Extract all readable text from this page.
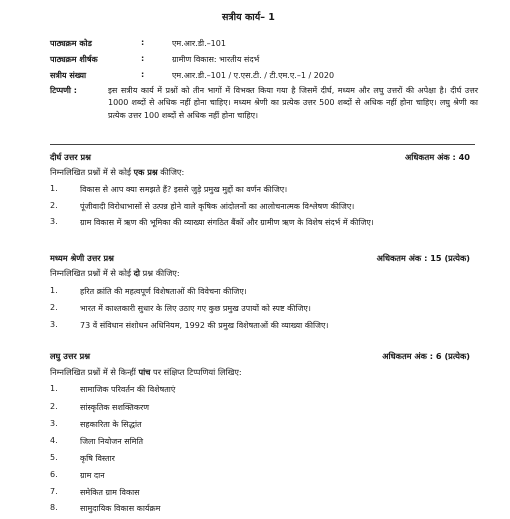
सत्रीय कार्य– 1
पाठ्यक्रम कोड	:	एम.आर.डी.–101
पाठ्यक्रम शीर्षक	:	ग्रामीण विकास: भारतीय संदर्भ
सत्रीय संख्या	:	एम.आर.डी.–101 / ए.एस.टी. / टी.एम.ए.–1 / 2020
टिप्पणी :	इस सत्रीय कार्य में प्रश्नों को तीन भागों में विभक्त किया गया है जिसमें दीर्घ, मध्यम और लघु उत्तरों की अपेक्षा है। दीर्घ उत्तर 1000 शब्दों से अधिक नहीं होना चाहिए। मध्यम श्रेणी का प्रत्येक उत्तर 500 शब्दों से अधिक नहीं होना चाहिए। लघु श्रेणी का प्रत्येक उत्तर 100 शब्दों से अधिक नहीं होना चाहिए।
दीर्घ उत्तर प्रश्न	अधिकतम अंक : 40
निम्नलिखित प्रश्नों में से कोई एक प्रश्न कीजिए:
1.	विकास से आप क्या समझते हैं? इससे जुड़े प्रमुख मुद्दों का वर्णन कीजिए।
2.	पूंजीवादी विरोधाभासों से उत्पन्न होने वाले कृषिक आंदोलनों का आलोचनात्मक विश्लेषण कीजिए।
3.	ग्राम विकास में ऋण की भूमिका की व्याख्या संगठित बैंकों और ग्रामीण ऋण के विशेष संदर्भ में कीजिए।
मध्यम श्रेणी उत्तर प्रश्न	अधिकतम अंक : 15 (प्रत्येक)
निम्नलिखित प्रश्नों में से कोई दो प्रश्न कीजिए:
1.	हरित क्रांति की महत्वपूर्ण विशेषताओं की विवेचना कीजिए।
2.	भारत में काश्तकारी सुधार के लिए उठाए गए कुछ प्रमुख उपायों को स्पष्ट कीजिए।
3.	73 वें संविधान संशोधन अधिनियम, 1992 की प्रमुख विशेषताओं की व्याख्या कीजिए।
लघु उत्तर प्रश्न	अधिकतम अंक : 6 (प्रत्येक)
निम्नलिखित प्रश्नों में से किन्हीं पांच पर संक्षिप्त टिप्पणियां लिखिए:
1.	सामाजिक परिवर्तन की विशेषताएं
2.	सांस्कृतिक सशक्तिकरण
3.	सहकारिता के सिद्धांत
4.	जिला नियोजन समिति
5.	कृषि विस्तार
6.	ग्राम दान
7.	समेकित ग्राम विकास
8.	सामुदायिक विकास कार्यक्रम
